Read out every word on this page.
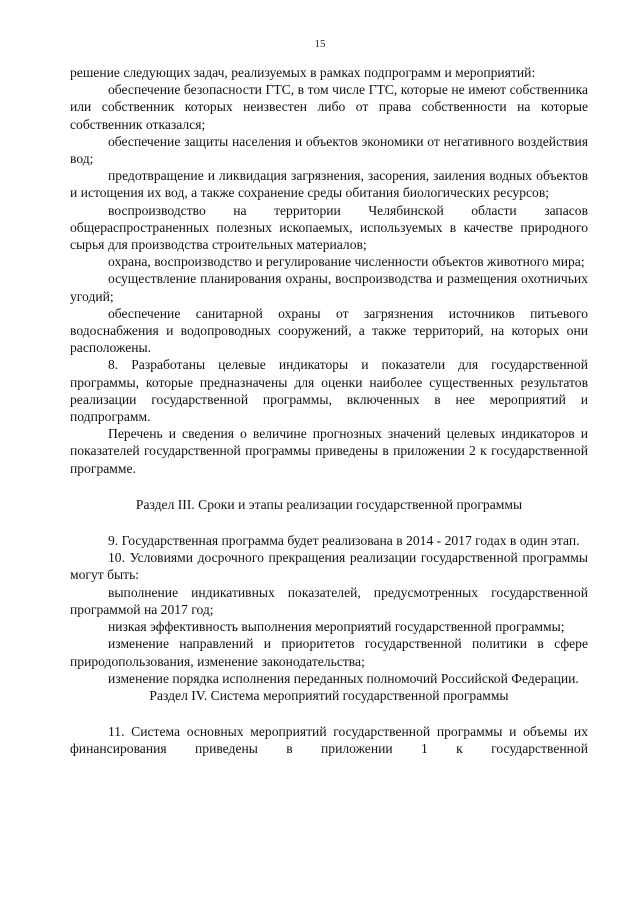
15

решение следующих задач, реализуемых в рамках подпрограмм и мероприятий:

обеспечение безопасности ГТС, в том числе ГТС, которые не имеют собственника или собственник которых неизвестен либо от права собственности на которые собственник отказался;

обеспечение защиты населения и объектов экономики от негативного воздействия вод;

предотвращение и ликвидация загрязнения, засорения, заиления водных объектов и истощения их вод, а также сохранение среды обитания биологических ресурсов;

воспроизводство на территории Челябинской области запасов общераспространенных полезных ископаемых, используемых в качестве природного сырья для производства строительных материалов;

охрана, воспроизводство и регулирование численности объектов животного мира;

осуществление планирования охраны, воспроизводства и размещения охотничьих угодий;

обеспечение санитарной охраны от загрязнения источников питьевого водоснабжения и водопроводных сооружений, а также территорий, на которых они расположены.

8. Разработаны целевые индикаторы и показатели для государственной программы, которые предназначены для оценки наиболее существенных результатов реализации государственной программы, включенных в нее мероприятий и подпрограмм.

Перечень и сведения о величине прогнозных значений целевых индикаторов и показателей государственной программы приведены в приложении 2 к государственной программе.

Раздел III. Сроки и этапы реализации государственной программы

9. Государственная программа будет реализована в 2014 - 2017 годах в один этап.

10. Условиями досрочного прекращения реализации государственной программы могут быть:

выполнение индикативных показателей, предусмотренных государственной программой на 2017 год;

низкая эффективность выполнения мероприятий государственной программы;

изменение направлений и приоритетов государственной политики в сфере природопользования, изменение законодательства;

изменение порядка исполнения переданных полномочий Российской Федерации.

Раздел IV. Система мероприятий государственной программы

11. Система основных мероприятий государственной программы и объемы их финансирования приведены в приложении 1 к государственной
